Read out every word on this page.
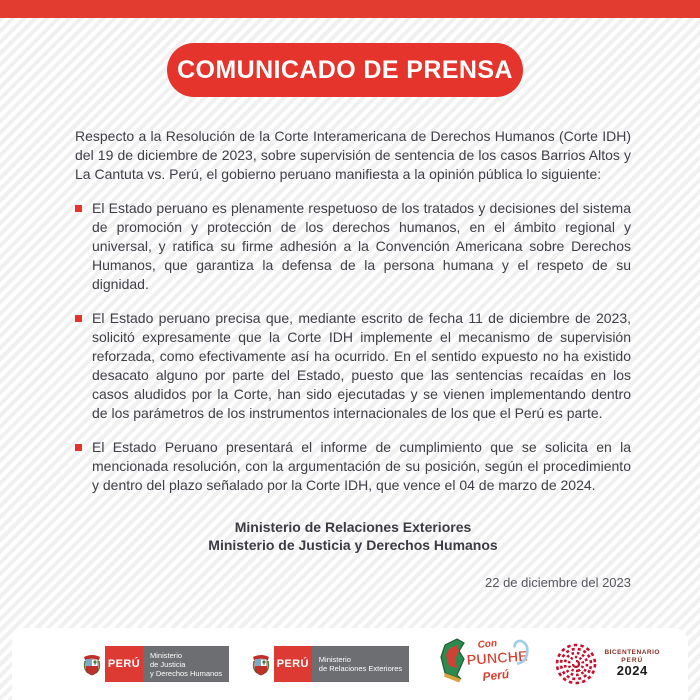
COMUNICADO DE PRENSA

Respecto a la Resolución de la Corte Interamericana de Derechos Humanos (Corte IDH) del 19 de diciembre de 2023, sobre supervisión de sentencia de los casos Barrios Altos y La Cantuta vs. Perú, el gobierno peruano manifiesta a la opinión pública lo siguiente:

El Estado peruano es plenamente respetuoso de los tratados y decisiones del sistema de promoción y protección de los derechos humanos, en el ámbito regional y universal, y ratifica su firme adhesión a la Convención Americana sobre Derechos Humanos, que garantiza la defensa de la persona humana y el respeto de su dignidad.
El Estado peruano precisa que, mediante escrito de fecha 11 de diciembre de 2023, solicitó expresamente que la Corte IDH implemente el mecanismo de supervisión reforzada, como efectivamente así ha ocurrido. En el sentido expuesto no ha existido desacato alguno por parte del Estado, puesto que las sentencias recaídas en los casos aludidos por la Corte, han sido ejecutadas y se vienen implementando dentro de los parámetros de los instrumentos internacionales de los que el Perú es parte.
El Estado Peruano presentará el informe de cumplimiento que se solicita en la mencionada resolución, con la argumentación de su posición, según el procedimiento y dentro del plazo señalado por la Corte IDH, que vence el 04 de marzo de 2024.
Ministerio de Relaciones Exteriores
Ministerio de Justicia y Derechos Humanos
22 de diciembre del 2023
PERÚ
Ministerio
de Justicia
y Derechos Humanos
PERÚ	Ministerio
de Relaciones Exteriores
Con
PUNCHE
Perú
BICENTENARIO
PERÚ
2024
